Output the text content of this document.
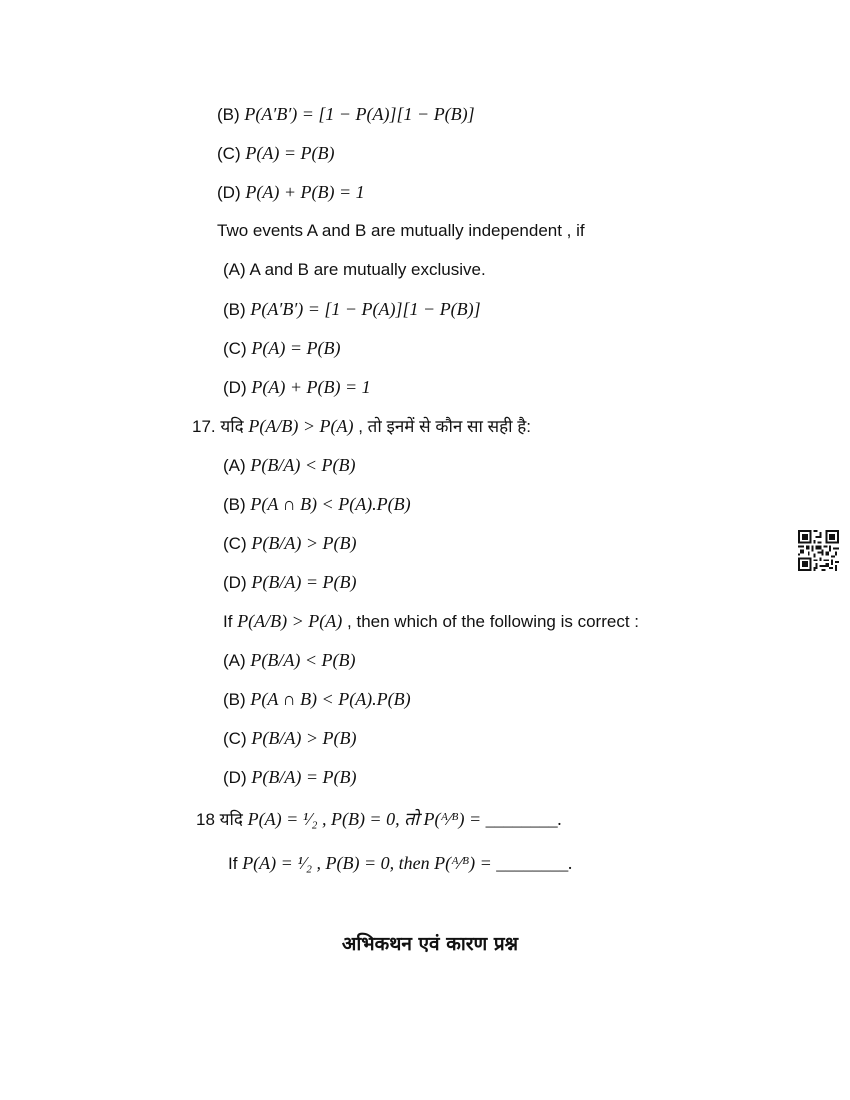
(B) P(A′B′) = [1 − P(A)][1 − P(B)]
(C) P(A) = P(B)
(D) P(A) + P(B) = 1
Two events A and B are mutually independent , if
(A) A and B are mutually exclusive.
(B) P(A′B′) = [1 − P(A)][1 − P(B)]
(C) P(A) = P(B)
(D) P(A) + P(B) = 1
17. यदि P(A/B) > P(A) , तो इनमें से कौन सा सही है:
(A) P(B/A) < P(B)
(B) P(A ∩ B) < P(A).P(B)
(C) P(B/A) > P(B)
(D) P(B/A) = P(B)
If P(A/B) > P(A) , then which of the following is correct :
(A) P(B/A) < P(B)
(B) P(A ∩ B) < P(A).P(B)
(C) P(B/A) > P(B)
(D) P(B/A) = P(B)
18 यदि P(A) = ¹⁄₂ , P(B) = 0, तो P(ᴬ⁄ᴮ) = ________.
If P(A) = ¹⁄₂ , P(B) = 0, then P(ᴬ⁄ᴮ) = ________.
अभिकथन एवं कारण प्रश्न
